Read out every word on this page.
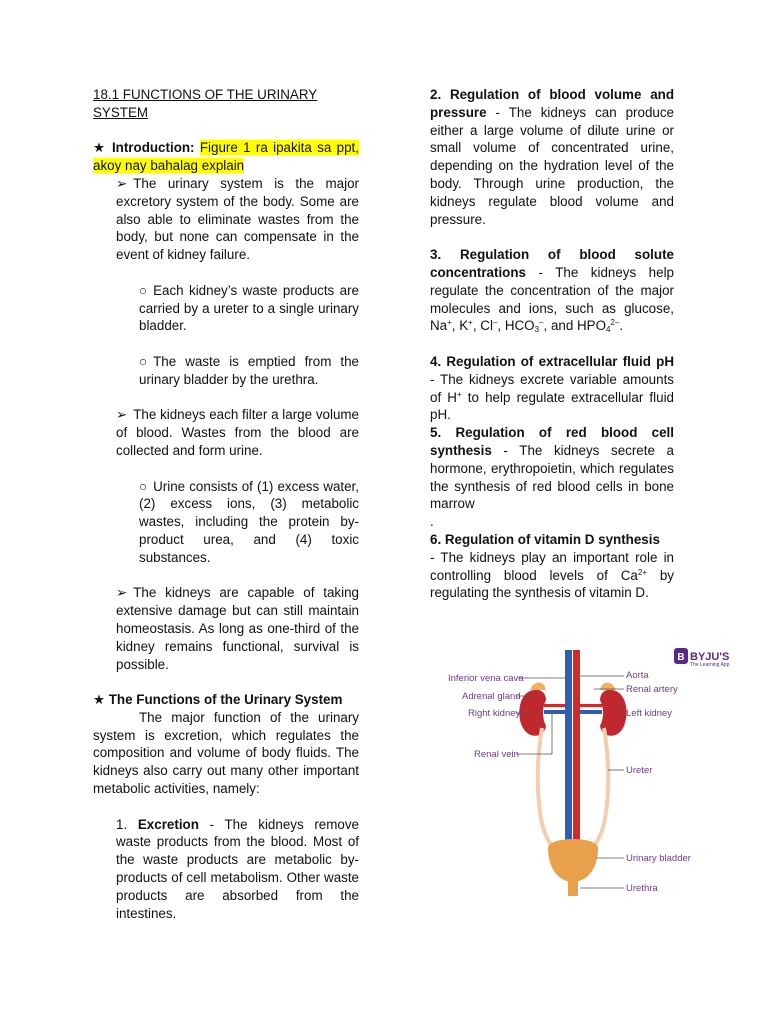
18.1 FUNCTIONS OF THE URINARY
SYSTEM

★ Introduction: Figure 1 ra ipakita sa ppt, akoy nay bahalag explain

➢ The urinary system is the major excretory system of the body. Some are also able to eliminate wastes from the body, but none can compensate in the event of kidney failure.

○ Each kidney’s waste products are carried by a ureter to a single urinary bladder.

○ The waste is emptied from the urinary bladder by the urethra.

➢ The kidneys each filter a large volume of blood. Wastes from the blood are collected and form urine.

○ Urine consists of (1) excess water, (2) excess ions, (3) metabolic wastes, including the protein by-product urea, and (4) toxic substances.

➢ The kidneys are capable of taking extensive damage but can still maintain homeostasis. As long as one-third of the kidney remains functional, survival is possible.

★ The Functions of the Urinary System

The major function of the urinary system is excretion, which regulates the composition and volume of body fluids. The kidneys also carry out many other important metabolic activities, namely:

1. Excretion - The kidneys remove waste products from the blood. Most of the waste products are metabolic by-products of cell metabolism. Other waste products are absorbed from the intestines.

2. Regulation of blood volume and pressure - The kidneys can produce either a large volume of dilute urine or small volume of concentrated urine, depending on the hydration level of the body. Through urine production, the kidneys regulate blood volume and pressure.

3. Regulation of blood solute concentrations - The kidneys help regulate the concentration of the major molecules and ions, such as glucose, Na+, K+, Cl–, $HCO_3^-$, and $HPO_4^{2-}$.

4. Regulation of extracellular fluid pH - The kidneys excrete variable amounts of H+ to help regulate extracellular fluid pH.

5. Regulation of red blood cell synthesis - The kidneys secrete a hormone, erythropoietin, which regulates the synthesis of red blood cells in bone marrow

.

6. Regulation of vitamin D synthesis
- The kidneys play an important role in controlling blood levels of $Ca^{2+}$ by regulating the synthesis of vitamin D.

B BYJU'S
The Learning App
Inferior vena cava
Adrenal gland
Right kidney
Renal vein
Aorta
Renal artery
Left kidney
Ureter
Urinary bladder
Urethra
